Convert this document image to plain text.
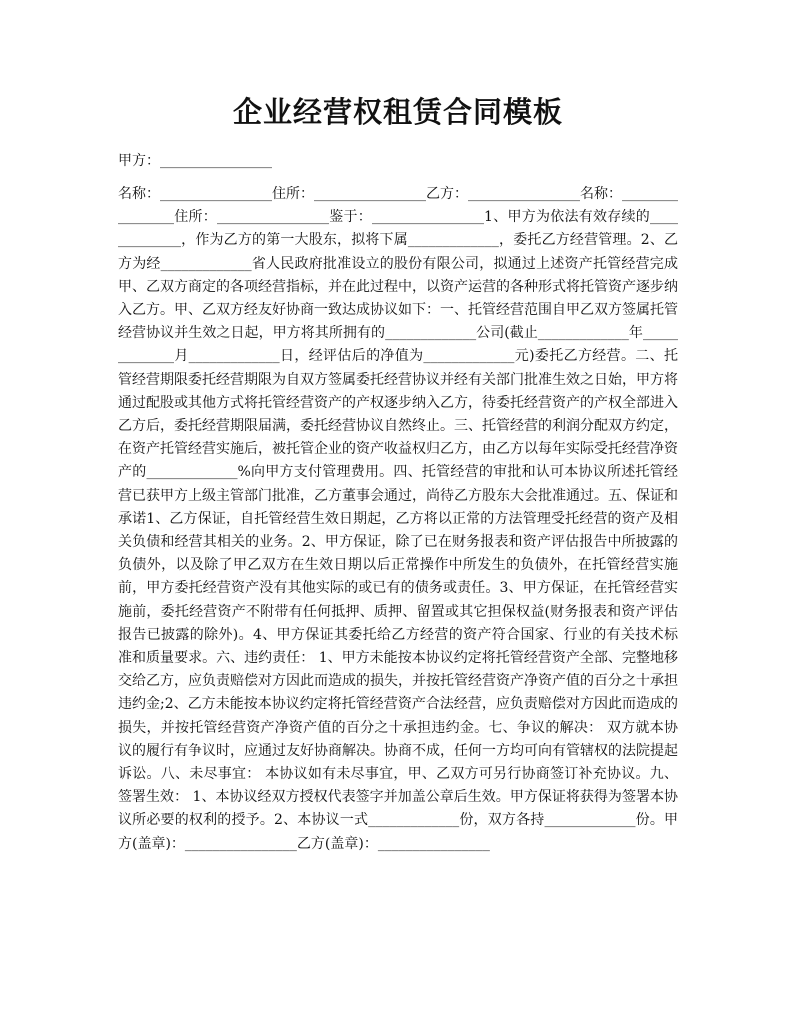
企业经营权租赁合同模板
甲方：________________

名称：________________住所：________________乙方：________________名称：________________住所：________________鉴于：________________1、甲方为依法有效存续的_____________，作为乙方的第一大股东，拟将下属_____________，委托乙方经营管理。2、乙方为经_____________省人民政府批准设立的股份有限公司，拟通过上述资产托管经营完成甲、乙双方商定的各项经营指标，并在此过程中，以资产运营的各种形式将托管资产逐步纳入乙方。甲、乙双方经友好协商一致达成协议如下：一、托管经营范围自甲乙双方签属托管经营协议并生效之日起，甲方将其所拥有的_____________公司(截止_____________年_____________月_____________日，经评估后的净值为_____________元)委托乙方经营。二、托管经营期限委托经营期限为自双方签属委托经营协议并经有关部门批准生效之日始，甲方将通过配股或其他方式将托管经营资产的产权逐步纳入乙方，待委托经营资产的产权全部进入乙方后，委托经营期限届满，委托经营协议自然终止。三、托管经营的利润分配双方约定，在资产托管经营实施后，被托管企业的资产收益权归乙方，由乙方以每年实际受托经营净资产的_____________%向甲方支付管理费用。四、托管经营的审批和认可本协议所述托管经营已获甲方上级主管部门批准，乙方董事会通过，尚待乙方股东大会批准通过。五、保证和承诺1、乙方保证，自托管经营生效日期起，乙方将以正常的方法管理受托经营的资产及相关负债和经营其相关的业务。2、甲方保证，除了已在财务报表和资产评估报告中所披露的负债外，以及除了甲乙双方在生效日期以后正常操作中所发生的负债外，在托管经营实施前，甲方委托经营资产没有其他实际的或已有的债务或责任。3、甲方保证，在托管经营实施前，委托经营资产不附带有任何抵押、质押、留置或其它担保权益(财务报表和资产评估报告已披露的除外)。4、甲方保证其委托给乙方经营的资产符合国家、行业的有关技术标准和质量要求。六、违约责任： 1、甲方未能按本协议约定将托管经营资产全部、完整地移交给乙方，应负责赔偿对方因此而造成的损失，并按托管经营资产净资产值的百分之十承担违约金;2、乙方未能按本协议约定将托管经营资产合法经营，应负责赔偿对方因此而造成的损失，并按托管经营资产净资产值的百分之十承担违约金。七、争议的解决： 双方就本协议的履行有争议时，应通过友好协商解决。协商不成，任何一方均可向有管辖权的法院提起诉讼。八、未尽事宜： 本协议如有未尽事宜，甲、乙双方可另行协商签订补充协议。九、签署生效： 1、本协议经双方授权代表签字并加盖公章后生效。甲方保证将获得为签署本协议所必要的权利的授予。2、本协议一式_____________份，双方各持_____________份。甲方(盖章)：________________乙方(盖章)：________________
